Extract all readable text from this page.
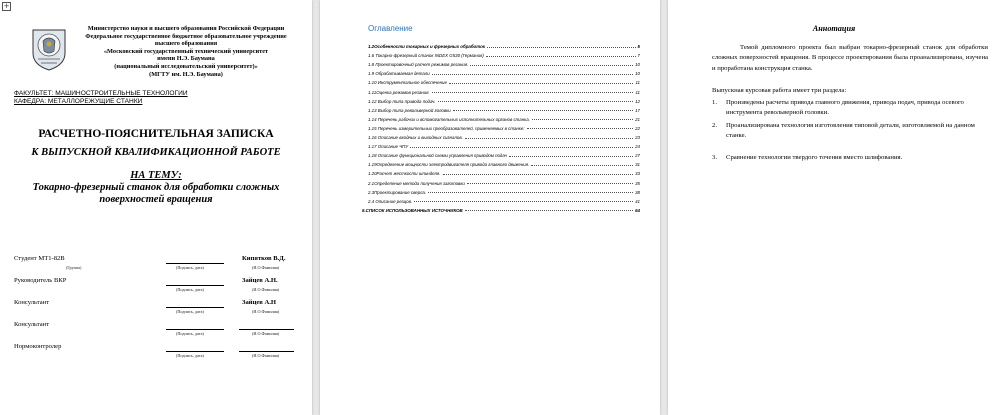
+
Министерство науки и высшего образования Российской Федерации
Федеральное государственное бюджетное образовательное учреждение
высшего образования
«Московский государственный технический университет
имени Н.Э. Баумана
(национальный исследовательский университет)»
(МГТУ им. Н.Э. Баумана)
ФАКУЛЬТЕТ: МАШИНОСТРОИТЕЛЬНЫЕ ТЕХНОЛОГИИ
КАФЕДРА: МЕТАЛЛОРЕЖУЩИЕ СТАНКИ
РАСЧЕТНО-ПОЯСНИТЕЛЬНАЯ ЗАПИСКА
К ВЫПУСКНОЙ КВАЛИФИКАЦИОННОЙ РАБОТЕ
НА ТЕМУ:
Токарно-фрезерный станок для обработки сложных поверхностей вращения
Студент МТ1-82В
(Группа)	(Подпись, дата)
Кипятков В.Д.
(И.О.Фамилия)
Руководитель ВКР
(Подпись, дата)
Зайцев А.Н.
(И.О.Фамилия)
Консультант
(Подпись, дата)
Зайцев А.Н
(И.О.Фамилия)
Консультант
(Подпись, дата)	(И.О.Фамилия)
Нормоконтролер
(Подпись, дата)	(И.О.Фамилия)
Оглавление
1.2Особенности токарных и фрезерных обработок	5
1.6 Токарно-фрезерный станок INDEX G530 (Германия)	7
1.8 Проектировочный расчет режимов резания.	10
1.9 Обрабатываемая детали	10
1.10 Инструментальное обеспечение	11
1.11Оценка режимов резания.	11
1.12 Выбор типа привода подач.	12
1.13 Выбор типа револьверной головки	17
1.14 Перечень рабочих и вспомогательных исполнительных органов станка.	21
1.15 Перечень измерительных преобразователей, применяемых в станке:	22
1.16 Описание входных и выходных сигналов.	23
1.17 Описание ЧПУ	24
1.18 Описание функциональной схемы управления приводом подач	27
1.19Определение мощности электродвигателя привода главного движения.	31
1.20Расчет жесткости шпинделя.	33
2.1Определение метода получения заготовки	35
2.3Проектирование сверла.	38
2.4 Описание резцов.	41
5.СПИСОК ИСПОЛЬЗОВАННЫХ ИСТОЧНИКОВ	64
Аннотация
Темой дипломного проекта был выбран токарно-фрезерный станок для обработки сложных поверхностей вращения. В процессе проектирования была проанализирована, изучена и проработана конструкция станка.
Выпускная курсовая работа имеет три раздела:
1.	Произведены расчеты привода главного движения, привода подач, привода осевого инструмента револьверной головки.
2.	Проанализирована технология изготовления типовой детали, изготовляемой на данном станке.
3.	Сравнение технологии твердого точения вместо шлифования.
